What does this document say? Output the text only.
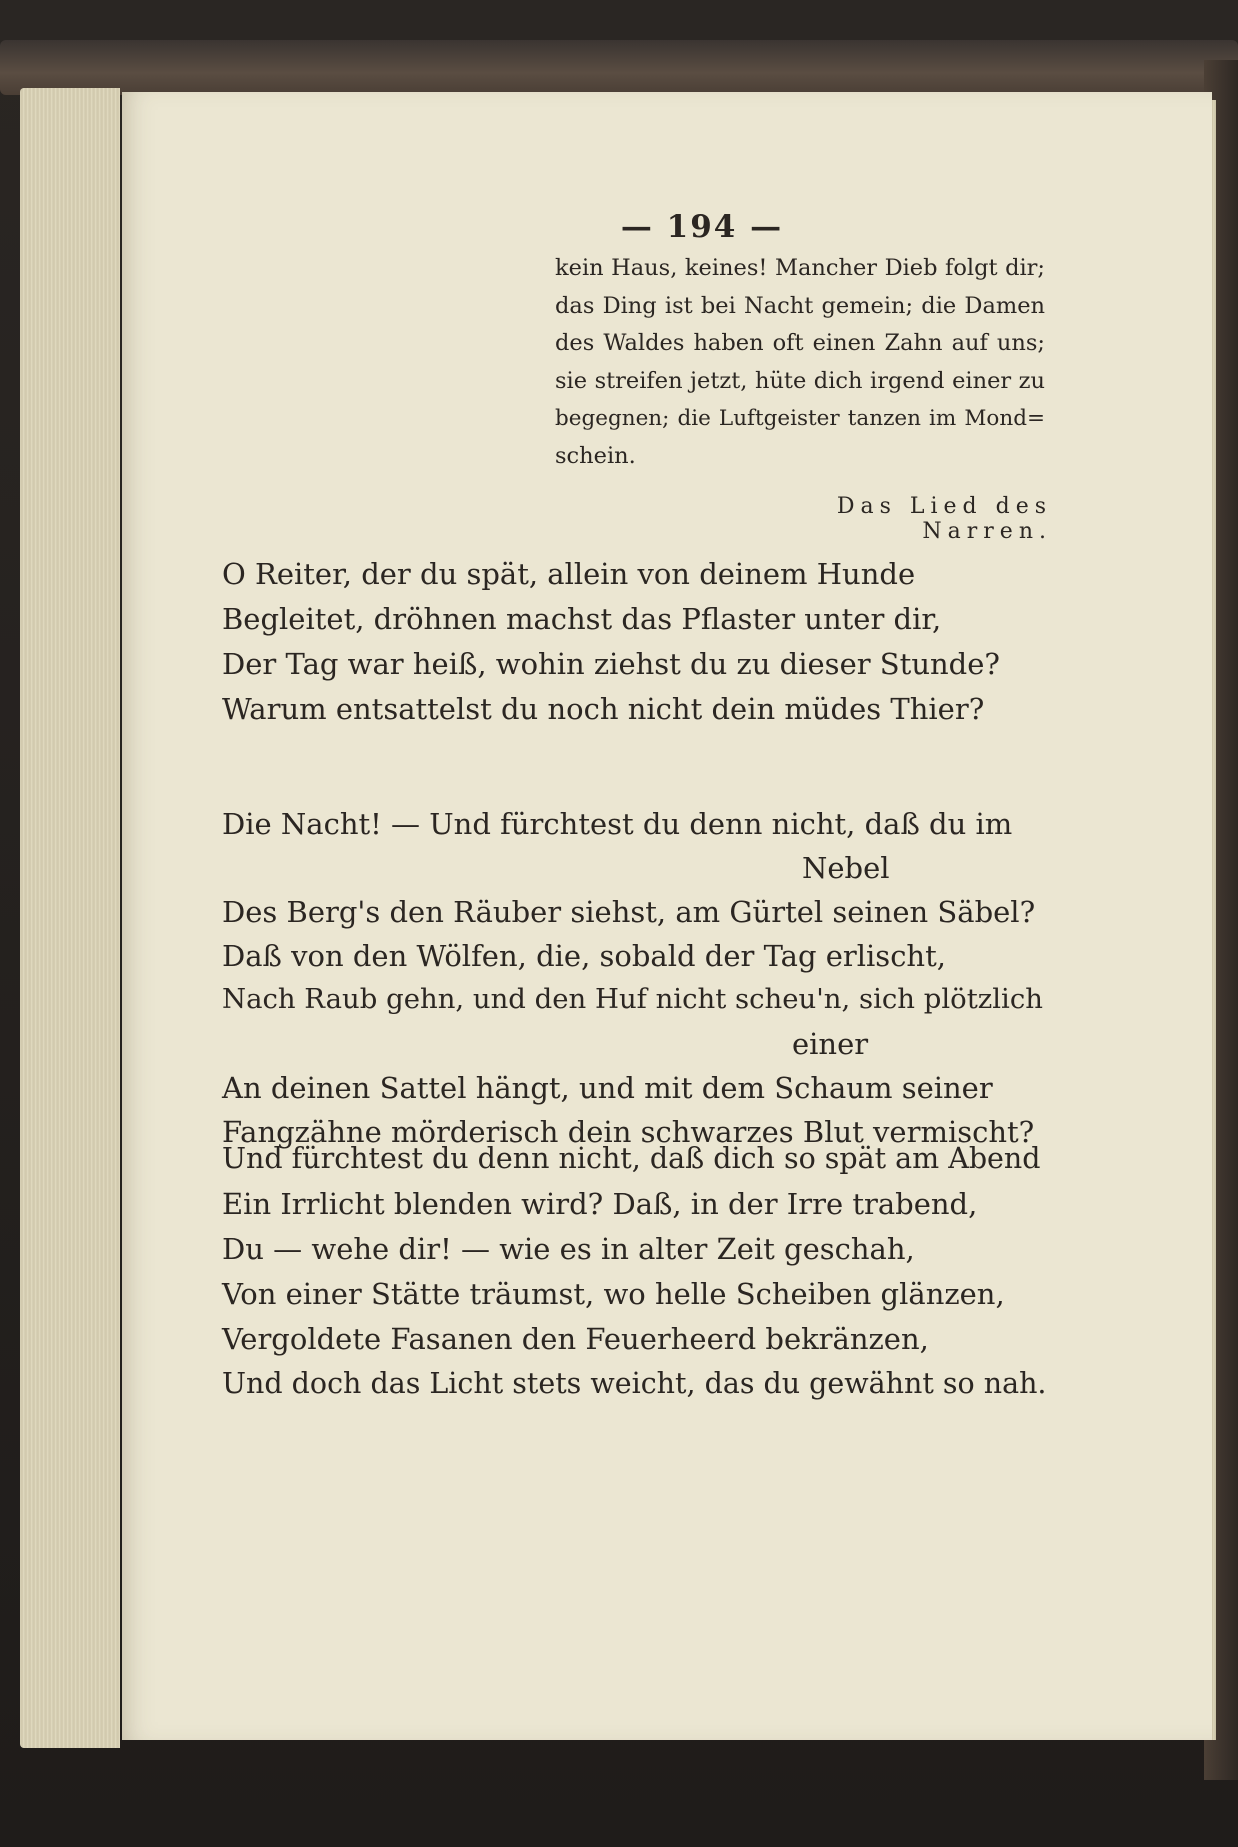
— 194 —
kein Haus, keines! Mancher Dieb folgt dir;
das Ding ist bei Nacht gemein; die Damen
des Waldes haben oft einen Zahn auf uns;
sie streifen jetzt, hüte dich irgend einer zu
begegnen; die Luftgeister tanzen im Mond=
schein.
Das Lied des Narren.
O Reiter, der du spät, allein von deinem Hunde
Begleitet, dröhnen machst das Pflaster unter dir,
Der Tag war heiß, wohin ziehst du zu dieser Stunde?
Warum entsattelst du noch nicht dein müdes Thier?
Die Nacht! — Und fürchtest du denn nicht, daß du im
Nebel
Des Berg's den Räuber siehst, am Gürtel seinen Säbel?
Daß von den Wölfen, die, sobald der Tag erlischt,
Nach Raub gehn, und den Huf nicht scheu'n, sich plötzlich
einer
An deinen Sattel hängt, und mit dem Schaum seiner
Fangzähne mörderisch dein schwarzes Blut vermischt?
Und fürchtest du denn nicht, daß dich so spät am Abend
Ein Irrlicht blenden wird? Daß, in der Irre trabend,
Du — wehe dir! — wie es in alter Zeit geschah,
Von einer Stätte träumst, wo helle Scheiben glänzen,
Vergoldete Fasanen den Feuerheerd bekränzen,
Und doch das Licht stets weicht, das du gewähnt so nah.
